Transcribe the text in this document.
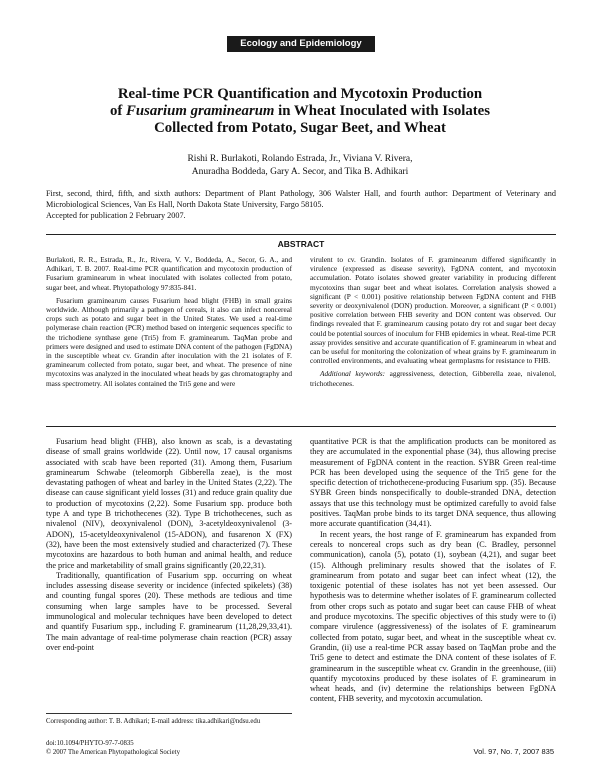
Ecology and Epidemiology
Real-time PCR Quantification and Mycotoxin Production
of Fusarium graminearum in Wheat Inoculated with Isolates
Collected from Potato, Sugar Beet, and Wheat
Rishi R. Burlakoti, Rolando Estrada, Jr., Viviana V. Rivera,
Anuradha Boddeda, Gary A. Secor, and Tika B. Adhikari
First, second, third, fifth, and sixth authors: Department of Plant Pathology, 306 Walster Hall, and fourth author: Department of Veterinary and Microbiological Sciences, Van Es Hall, North Dakota State University, Fargo 58105.
Accepted for publication 2 February 2007.
ABSTRACT

Burlakoti, R. R., Estrada, R., Jr., Rivera, V. V., Boddeda, A., Secor, G. A., and Adhikari, T. B. 2007. Real-time PCR quantification and mycotoxin production of Fusarium graminearum in wheat inoculated with isolates collected from potato, sugar beet, and wheat. Phytopathology 97:835-841.

Fusarium graminearum causes Fusarium head blight (FHB) in small grains worldwide. Although primarily a pathogen of cereals, it also can infect noncereal crops such as potato and sugar beet in the United States. We used a real-time polymerase chain reaction (PCR) method based on intergenic sequences specific to the trichodiene synthase gene (Tri5) from F. graminearum. TaqMan probe and primers were designed and used to estimate DNA content of the pathogen (FgDNA) in the susceptible wheat cv. Grandin after inoculation with the 21 isolates of F. graminearum collected from potato, sugar beet, and wheat. The presence of nine mycotoxins was analyzed in the inoculated wheat heads by gas chromatography and mass spectrometry. All isolates contained the Tri5 gene and were

virulent to cv. Grandin. Isolates of F. graminearum differed significantly in virulence (expressed as disease severity), FgDNA content, and mycotoxin accumulation. Potato isolates showed greater variability in producing different mycotoxins than sugar beet and wheat isolates. Correlation analysis showed a significant (P < 0.001) positive relationship between FgDNA content and FHB severity or deoxynivalenol (DON) production. Moreover, a significant (P < 0.001) positive correlation between FHB severity and DON content was observed. Our findings revealed that F. graminearum causing potato dry rot and sugar beet decay could be potential sources of inoculum for FHB epidemics in wheat. Real-time PCR assay provides sensitive and accurate quantification of F. graminearum in wheat and can be useful for monitoring the colonization of wheat grains by F. graminearum in controlled environments, and evaluating wheat germplasms for resistance to FHB.

Additional keywords: aggressiveness, detection, Gibberella zeae, nivalenol, trichothecenes.

Fusarium head blight (FHB), also known as scab, is a devastating disease of small grains worldwide (22). Until now, 17 causal organisms associated with scab have been reported (31). Among them, Fusarium graminearum Schwabe (teleomorph Gibberella zeae), is the most devastating pathogen of wheat and barley in the United States (2,22). The disease can cause significant yield losses (31) and reduce grain quality due to production of mycotoxins (2,22). Some Fusarium spp. produce both type A and type B trichothecenes (32). Type B trichothecenes, such as nivalenol (NIV), deoxynivalenol (DON), 3-acetyldeoxynivalenol (3-ADON), 15-acetyldeoxynivalenol (15-ADON), and fusarenon X (FX) (32), have been the most extensively studied and characterized (7). These mycotoxins are hazardous to both human and animal health, and reduce the price and marketability of small grains significantly (20,22,31).

Traditionally, quantification of Fusarium spp. occurring on wheat includes assessing disease severity or incidence (infected spikelets) (38) and counting fungal spores (20). These methods are tedious and time consuming when large samples have to be processed. Several immunological and molecular techniques have been developed to detect and quantify Fusarium spp., including F. graminearum (11,28,29,33,41). The main advantage of real-time polymerase chain reaction (PCR) assay over end-point

quantitative PCR is that the amplification products can be monitored as they are accumulated in the exponential phase (34), thus allowing precise measurement of FgDNA content in the reaction. SYBR Green real-time PCR has been developed using the sequence of the Tri5 gene for the specific detection of trichothecene-producing Fusarium spp. (35). Because SYBR Green binds nonspecifically to double-stranded DNA, detection assays that use this technology must be optimized carefully to avoid false positives. TaqMan probe binds to its target DNA sequence, thus allowing more accurate quantification (34,41).

In recent years, the host range of F. graminearum has expanded from cereals to noncereal crops such as dry bean (C. Bradley, personnel communication), canola (5), potato (1), soybean (4,21), and sugar beet (15). Although preliminary results showed that the isolates of F. graminearum from potato and sugar beet can infect wheat (12), the toxigenic potential of these isolates has not yet been assessed. Our hypothesis was to determine whether isolates of F. graminearum collected from other crops such as potato and sugar beet can cause FHB of wheat and produce mycotoxins. The specific objectives of this study were to (i) compare virulence (aggressiveness) of the isolates of F. graminearum collected from potato, sugar beet, and wheat in the susceptible wheat cv. Grandin, (ii) use a real-time PCR assay based on TaqMan probe and the Tri5 gene to detect and estimate the DNA content of these isolates of F. graminearum in the susceptible wheat cv. Grandin in the greenhouse, (iii) quantify mycotoxins produced by these isolates of F. graminearum in wheat heads, and (iv) determine the relationships between FgDNA content, FHB severity, and mycotoxin accumulation.

Corresponding author: T. B. Adhikari; E-mail address: tika.adhikari@ndsu.edu
doi:10.1094/PHYTO-97-7-0835
© 2007 The American Phytopathological Society	Vol. 97, No. 7, 2007 835
